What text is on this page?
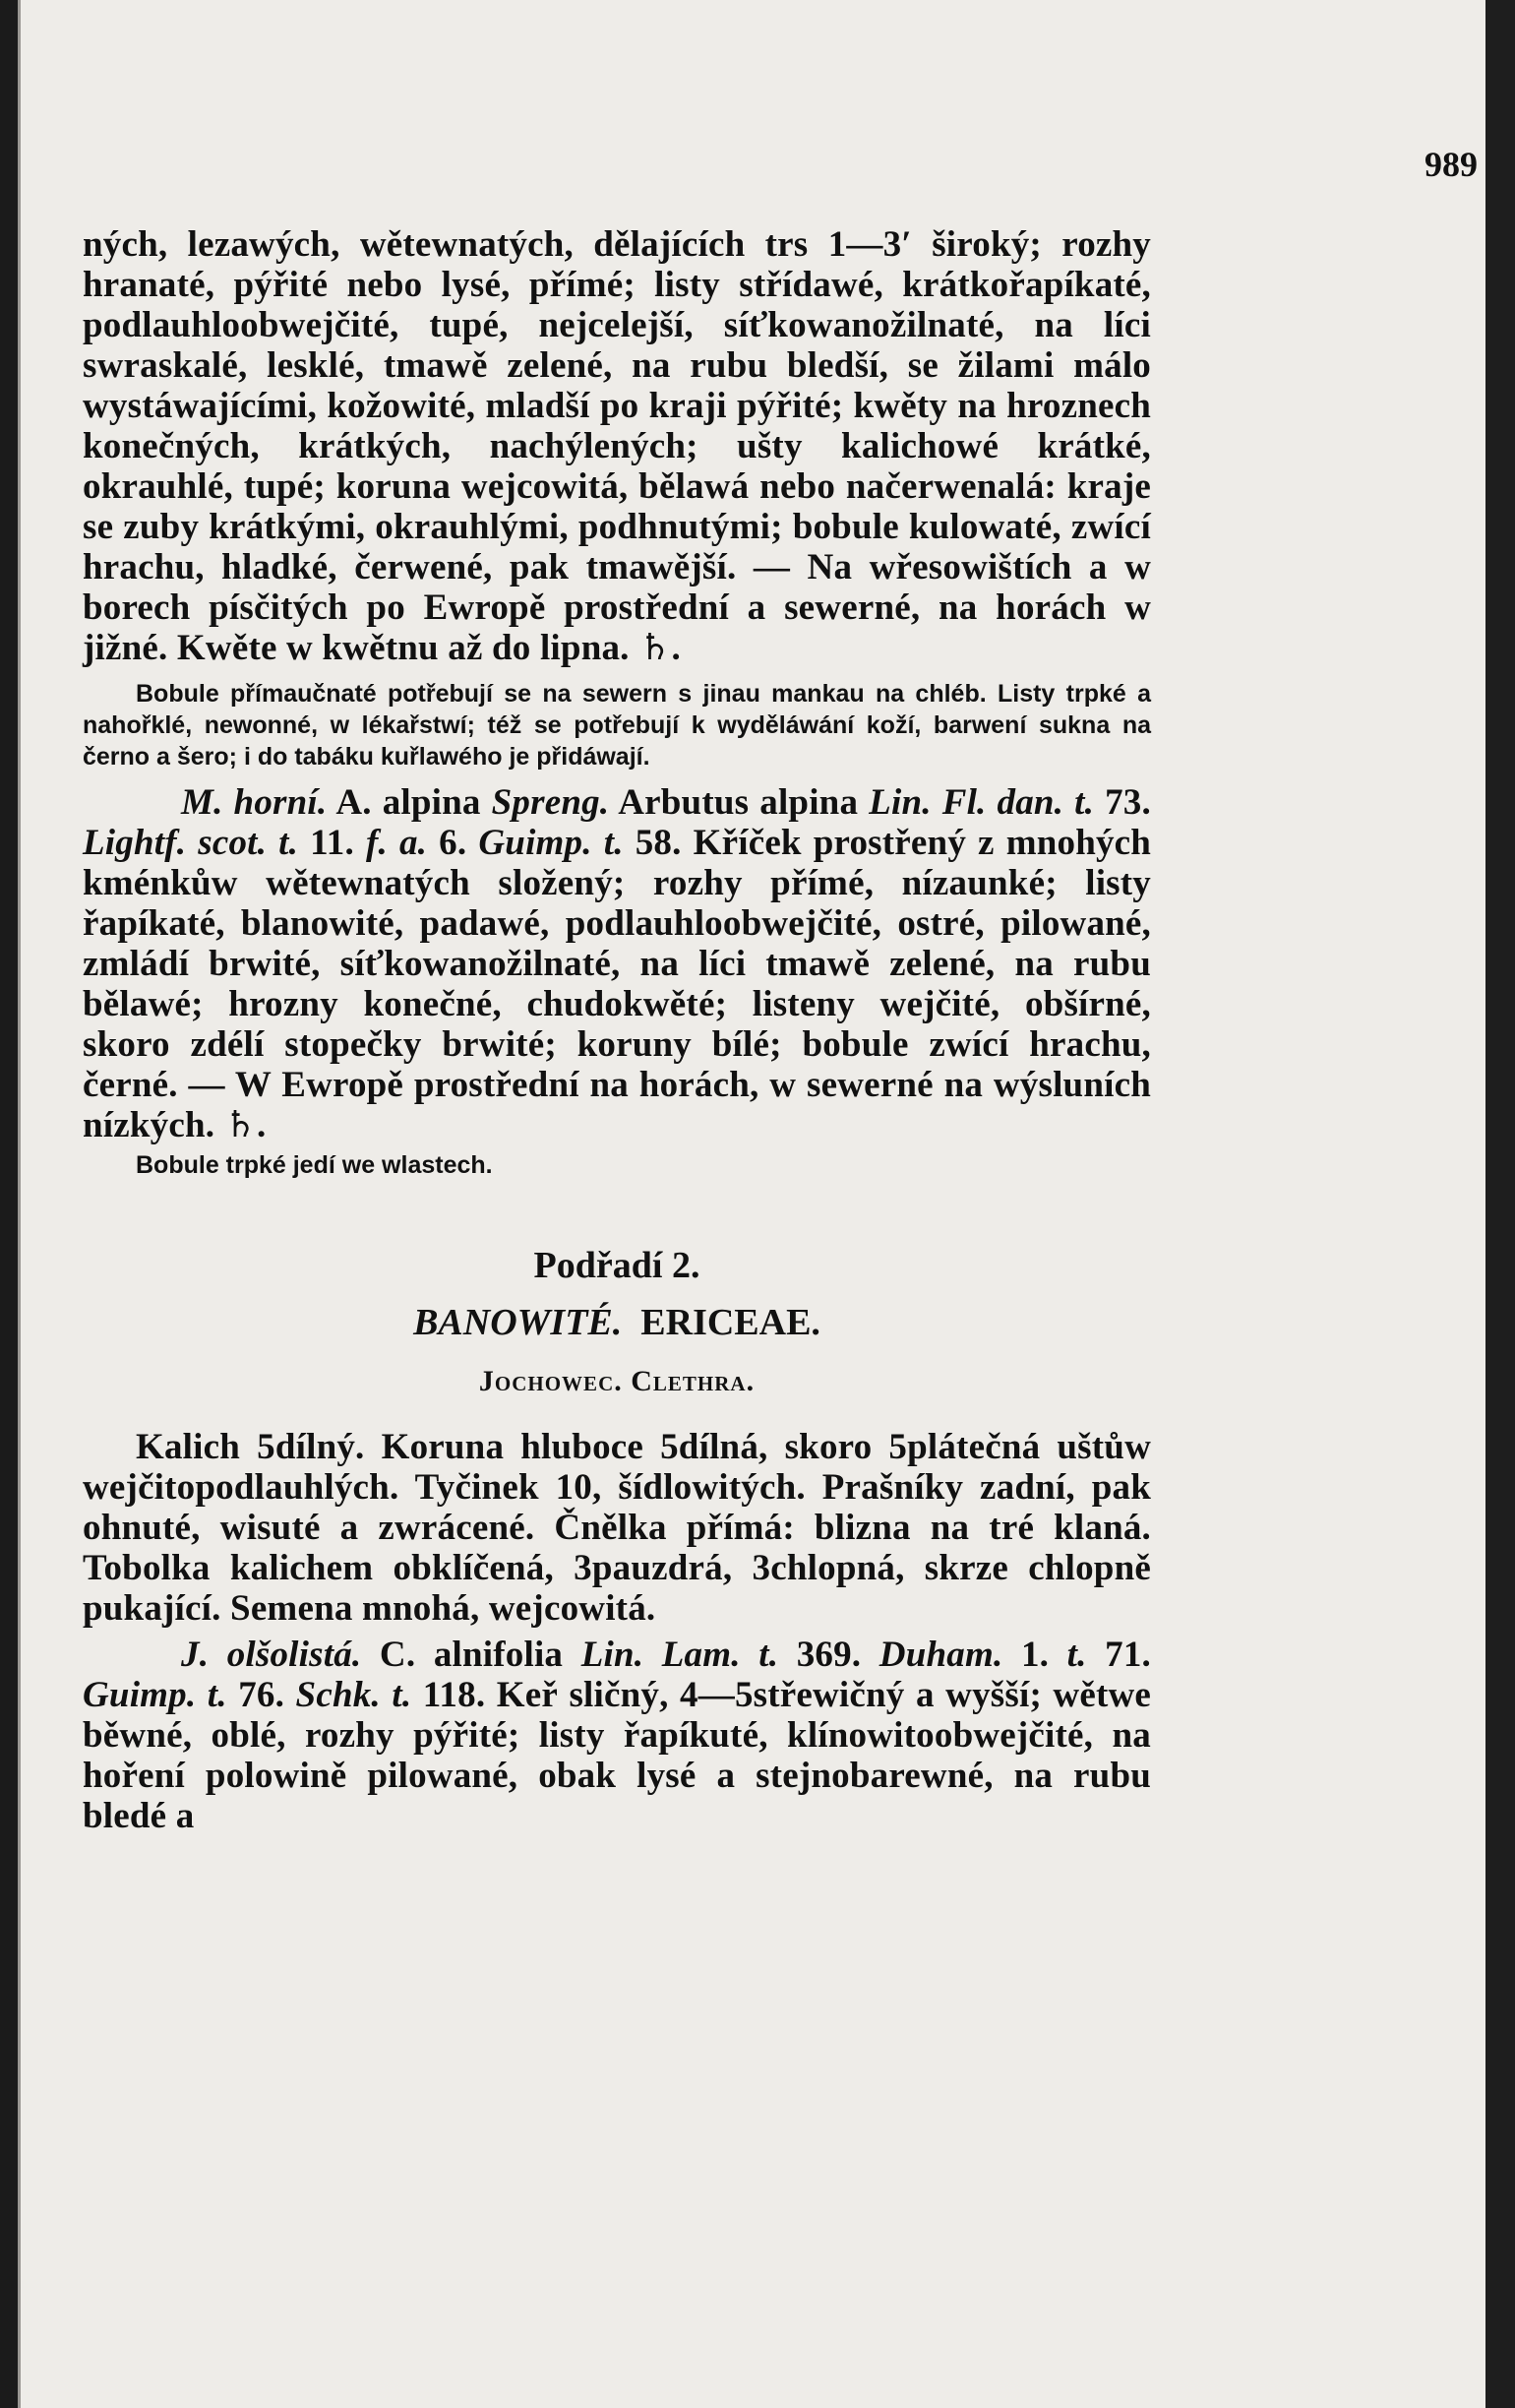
989

ných, lezawých, wětewnatých, dělajících trs 1—3′ široký; rozhy hranaté, pýřité nebo lysé, přímé; listy střídawé, krátkořapíkaté, podlauhloobwejčité, tupé, nejcelejší, síťkowanožilnaté, na líci swraskalé, lesklé, tmawě zelené, na rubu bledší, se žilami málo wystáwajícími, kožowité, mladší po kraji pýřité; kwěty na hroznech konečných, krátkých, nachýlených; ušty kalichowé krátké, okrauhlé, tupé; koruna wejcowitá, bělawá nebo načerwenalá: kraje se zuby krátkými, okrauhlými, podhnutými; bobule kulowaté, zwící hrachu, hladké, čerwené, pak tmawější. — Na wřesowištích a w borech písčitých po Ewropě prostřední a sewerné, na horách w jižné. Kwěte w kwětnu až do lipna. ♄.

Bobule přímaučnaté potřebují se na sewern s jinau mankau na chléb. Listy trpké a nahořklé, newonné, w lékařstwí; též se potřebují k wyděláwání koží, barwení sukna na černo a šero; i do tabáku kuřlawého je přidáwají.

M. horní. A. alpina Spreng. Arbutus alpina Lin. Fl. dan. t. 73. Lightf. scot. t. 11. f. a. 6. Guimp. t. 58. Kříček prostřený z mnohých kménkůw wětewnatých složený; rozhy přímé, nízaunké; listy řapíkaté, blanowité, padawé, podlauhloobwejčité, ostré, pilowané, zmládí brwité, síťkowanožilnaté, na líci tmawě zelené, na rubu bělawé; hrozny konečné, chudokwěté; listeny wejčité, obšírné, skoro zdélí stopečky brwité; koruny bílé; bobule zwící hrachu, černé. — W Ewropě prostřední na horách, w sewerné na wýsluních nízkých. ♄.

Bobule trpké jedí we wlastech.

Podřadí 2.

BANOWITÉ. ERICEAE.

Jochowec. Clethra.

Kalich 5dílný. Koruna hluboce 5dílná, skoro 5plátečná uštůw wejčitopodlauhlých. Tyčinek 10, šídlowitých. Prašníky zadní, pak ohnuté, wisuté a zwrácené. Čnělka přímá: blizna na tré klaná. Tobolka kalichem obklíčená, 3pauzdrá, 3chlopná, skrze chlopně pukající. Semena mnohá, wejcowitá.

J. olšolistá. C. alnifolia Lin. Lam. t. 369. Duham. 1. t. 71. Guimp. t. 76. Schk. t. 118. Keř sličný, 4—5střewičný a wyšší; wětwe běwné, oblé, rozhy pýřité; listy řapíkuté, klínowitoobwejčité, na hoření polowině pilowané, obak lysé a stejnobarewné, na rubu bledé a
